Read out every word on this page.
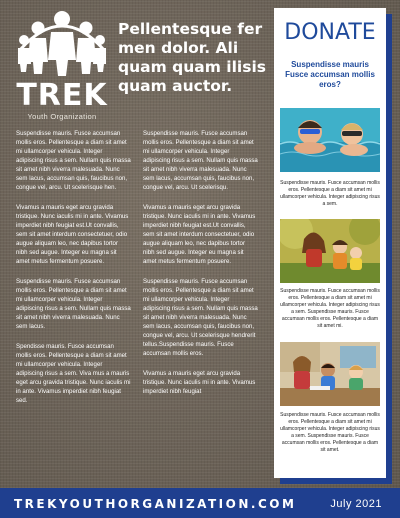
TREK
Youth Organization
Pellentesque fer men dolor. Ali quam quam ilisis quam auctor.

Suspendisse mauris. Fusce accumsan mollis eros. Pellentesque a diam sit amet mi ullamcorper vehicula. Integer adipiscing risus a sem. Nullam quis massa sit amet nibh viverra malesuada. Nunc sem lacus, accumsan quis, faucibus non, congue vel, arcu. Ut scelerisque hen.

Vivamus a mauris eget arcu gravida tristique. Nunc iaculis mi in ante. Vivamus imperdiet nibh feugiat est.Ut convallis, sem sit amet interdum consectetuer, odio augue aliquam leo, nec dapibus tortor nibh sed augue. Integer eu magna sit amet metus fermentum posuere.

Suspendisse mauris. Fusce accumsan mollis eros. Pellentesque a diam sit amet mi ullamcorper vehicula. Integer adipiscing risus a sem. Nullam quis massa sit amet nibh viverra malesuada. Nunc sem lacus.

Spendisse mauris. Fusce accumsan mollis eros. Pellentesque a diam sit amet mi ullamcorper vehicula. Integer adipiscing risus a sem. Viva mus a mauris eget arcu gravida tristique. Nunc iaculis mi in ante. Vivamus imperdiet nibh feugiat sed.

Suspendisse mauris. Fusce accumsan mollis eros. Pellentesque a diam sit amet mi ullamcorper vehicula. Integer adipiscing risus a sem. Nullam quis massa sit amet nibh viverra malesuada. Nunc sem lacus, accumsan quis, faucibus non, congue vel, arcu. Ut scelerisqu.

Vivamus a mauris eget arcu gravida tristique. Nunc iaculis mi in ante. Vivamus imperdiet nibh feugiat est.Ut convallis, sem sit amet interdum consectetuer, odio augue aliquam leo, nec dapibus tortor nibh sed augue. Integer eu magna sit amet metus fermentum posuere.

Suspendisse mauris. Fusce accumsan mollis eros. Pellentesque a diam sit amet mi ullamcorper vehicula. Integer adipiscing risus a sem. Nullam quis massa sit amet nibh viverra malesuada. Nunc sem lacus, accumsan quis, faucibus non, congue vel, arcu. Ut scelerisque hendrerit tellus.Suspendisse mauris. Fusce accumsan mollis eros.

Vivamus a mauris eget arcu gravida tristique. Nunc iaculis mi in ante. Vivamus imperdiet nibh feugiat

DONATE
Suspendisse mauris Fusce accumsan mollis eros?
Suspendisse mauris. Fusce accumsan mollis eros. Pellentesque a diam sit amet mi ullamcorper vehicula. Integer adipiscing risus a sem.
Suspendisse mauris. Fusce accumsan mollis eros. Pellentesque a diam sit amet mi ullamcorper vehicula. Integer adipiscing risus a sem. Suspendisse mauris. Fusce accumsan mollis eros. Pellentesque a diam sit amet mi.
Suspendisse mauris. Fusce accumsan mollis eros. Pellentesque a diam sit amet mi ullamcorper vehicula. Integer adipiscing risus a sem. Suspendisse mauris. Fusce accumsan mollis eros. Pellentesque a diam sit amet.
TREKYOUTHORGANIZATION.COM	July 2021
